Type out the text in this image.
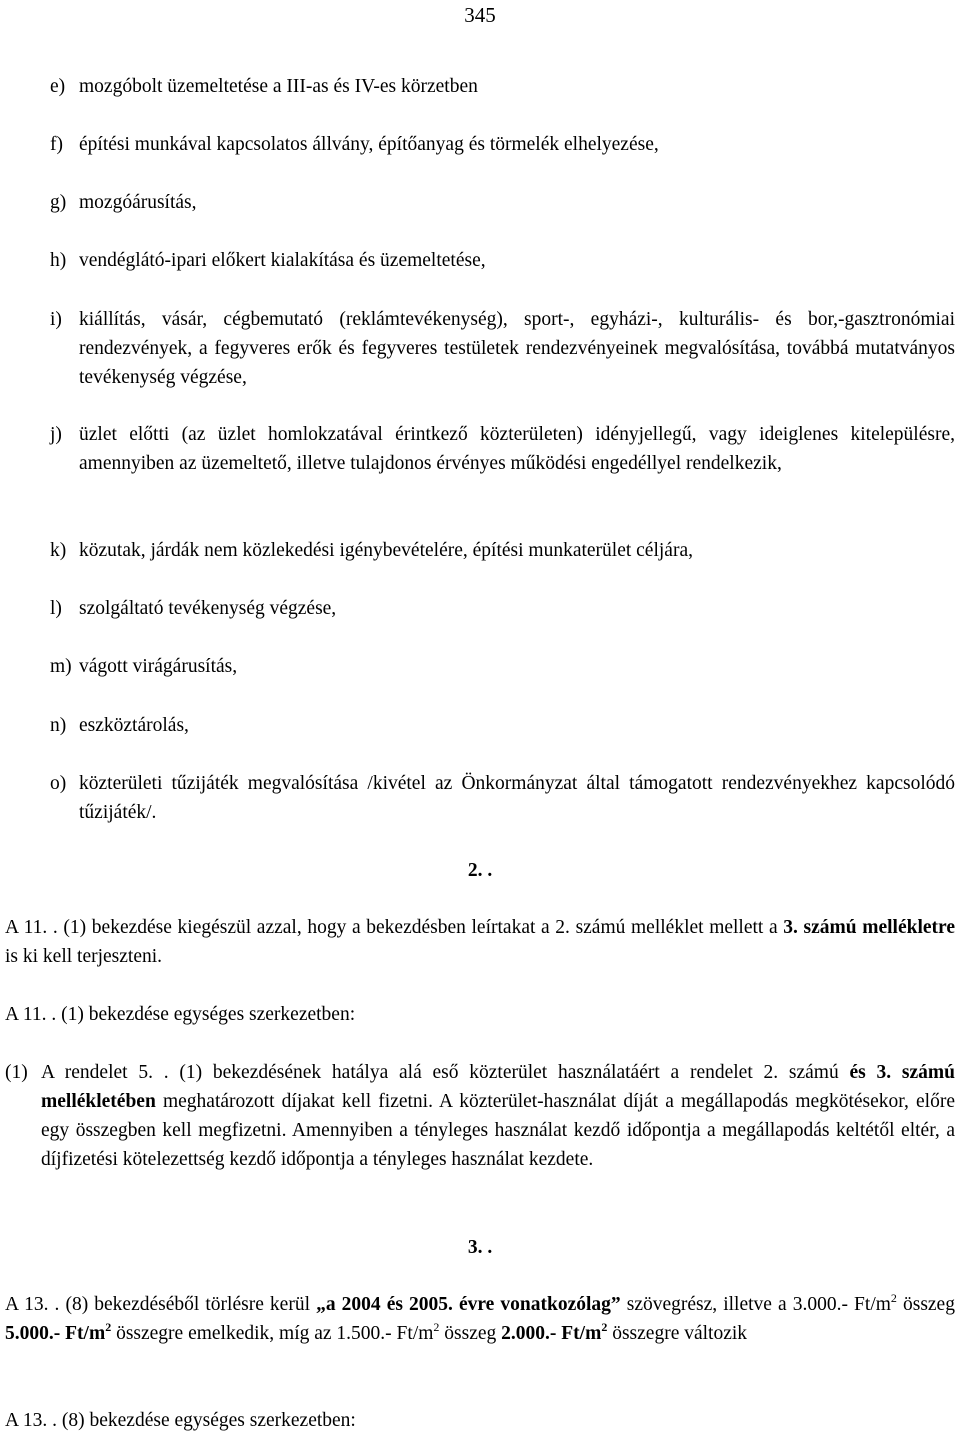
345
e) mozgóbolt üzemeltetése a III-as és IV-es körzetben
f) építési munkával kapcsolatos állvány, építőanyag és törmelék elhelyezése,
g) mozgóárusítás,
h) vendéglátó-ipari előkert kialakítása és üzemeltetése,
i) kiállítás, vásár, cégbemutató (reklámtevékenység), sport-, egyházi-, kulturális- és bor,-gasztronómiai rendezvények, a fegyveres erők és fegyveres testületek rendezvényeinek megvalósítása, továbbá mutatványos tevékenység végzése,
j) üzlet előtti (az üzlet homlokzatával érintkező közterületen) idényjellegű, vagy ideiglenes kitelepülésre, amennyiben az üzemeltető, illetve tulajdonos érvényes működési engedéllyel rendelkezik,
k) közutak, járdák nem közlekedési igénybevételére, építési munkaterület céljára,
l) szolgáltató tevékenység végzése,
m) vágott virágárusítás,
n) eszköztárolás,
o) közterületi tűzijáték megvalósítása /kivétel az Önkormányzat által támogatott rendezvényekhez kapcsolódó tűzijáték/.
2. .
A 11. . (1) bekezdése kiegészül azzal, hogy a bekezdésben leírtakat a 2. számú melléklet mellett a 3. számú mellékletre is ki kell terjeszteni.
A 11. . (1) bekezdése egységes szerkezetben:
(1) A rendelet 5. . (1) bekezdésének hatálya alá eső közterület használatáért a rendelet 2. számú és 3. számú mellékletében meghatározott díjakat kell fizetni. A közterület-használat díját a megállapodás megkötésekor, előre egy összegben kell megfizetni. Amennyiben a tényleges használat kezdő időpontja a megállapodás keltétől eltér, a díjfizetési kötelezettség kezdő időpontja a tényleges használat kezdete.
3. .
A 13. . (8) bekezdéséből törlésre kerül „a 2004 és 2005. évre vonatkozólag” szövegrész, illetve a 3.000.- $Ft/m^2$ összeg 5.000.- $Ft/m^2$ összegre emelkedik, míg az 1.500.- $Ft/m^2$ összeg 2.000.- $Ft/m^2$ összegre változik
A 13. . (8) bekezdése egységes szerkezetben:
